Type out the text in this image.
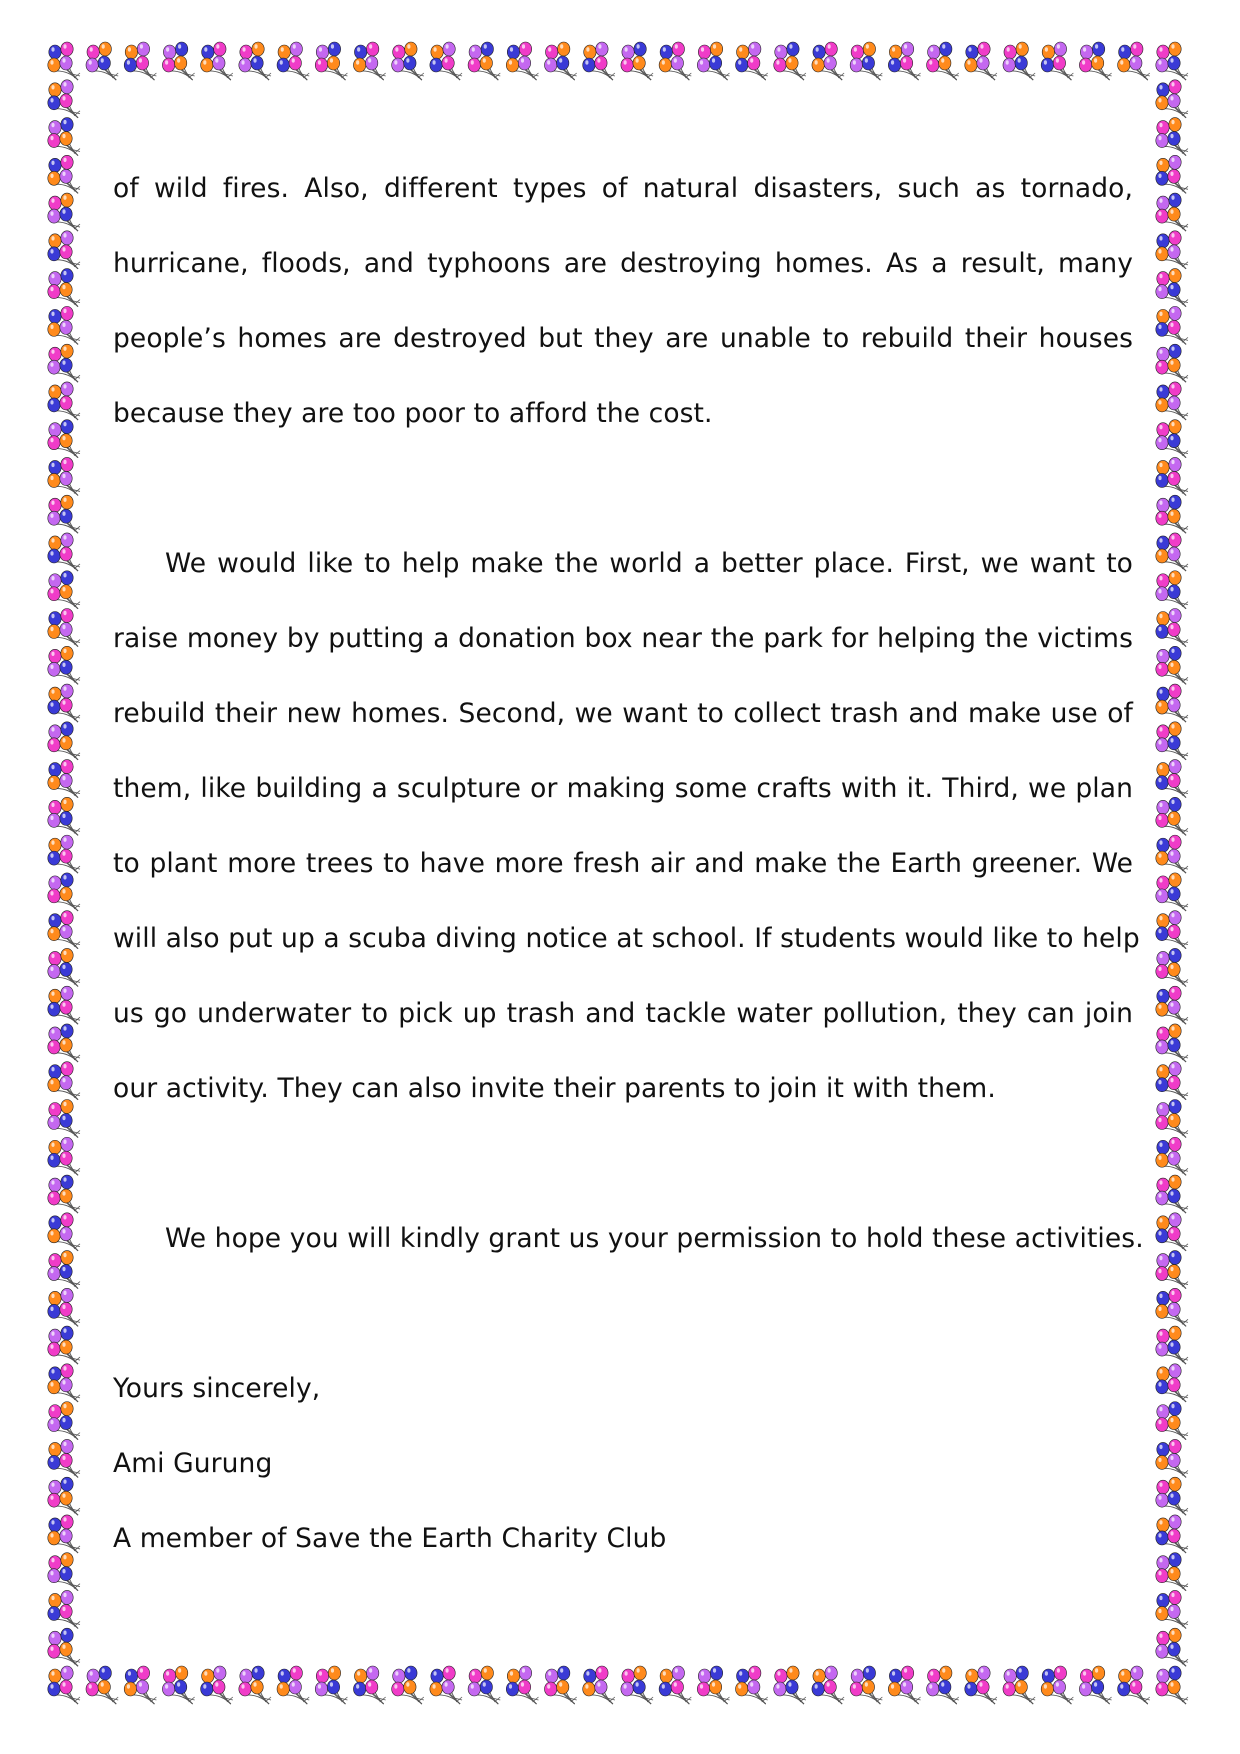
of wild fires. Also, different types of natural disasters, such as tornado,
hurricane, floods, and typhoons are destroying homes. As a result, many
people’s homes are destroyed but they are unable to rebuild their houses
because they are too poor to afford the cost.
We would like to help make the world a better place. First, we want to
raise money by putting a donation box near the park for helping the victims
rebuild their new homes. Second, we want to collect trash and make use of
them, like building a sculpture or making some crafts with it. Third, we plan
to plant more trees to have more fresh air and make the Earth greener. We
will also put up a scuba diving notice at school. If students would like to help
us go underwater to pick up trash and tackle water pollution, they can join
our activity. They can also invite their parents to join it with them.
We hope you will kindly grant us your permission to hold these activities.
Yours sincerely,
Ami Gurung
A member of Save the Earth Charity Club
